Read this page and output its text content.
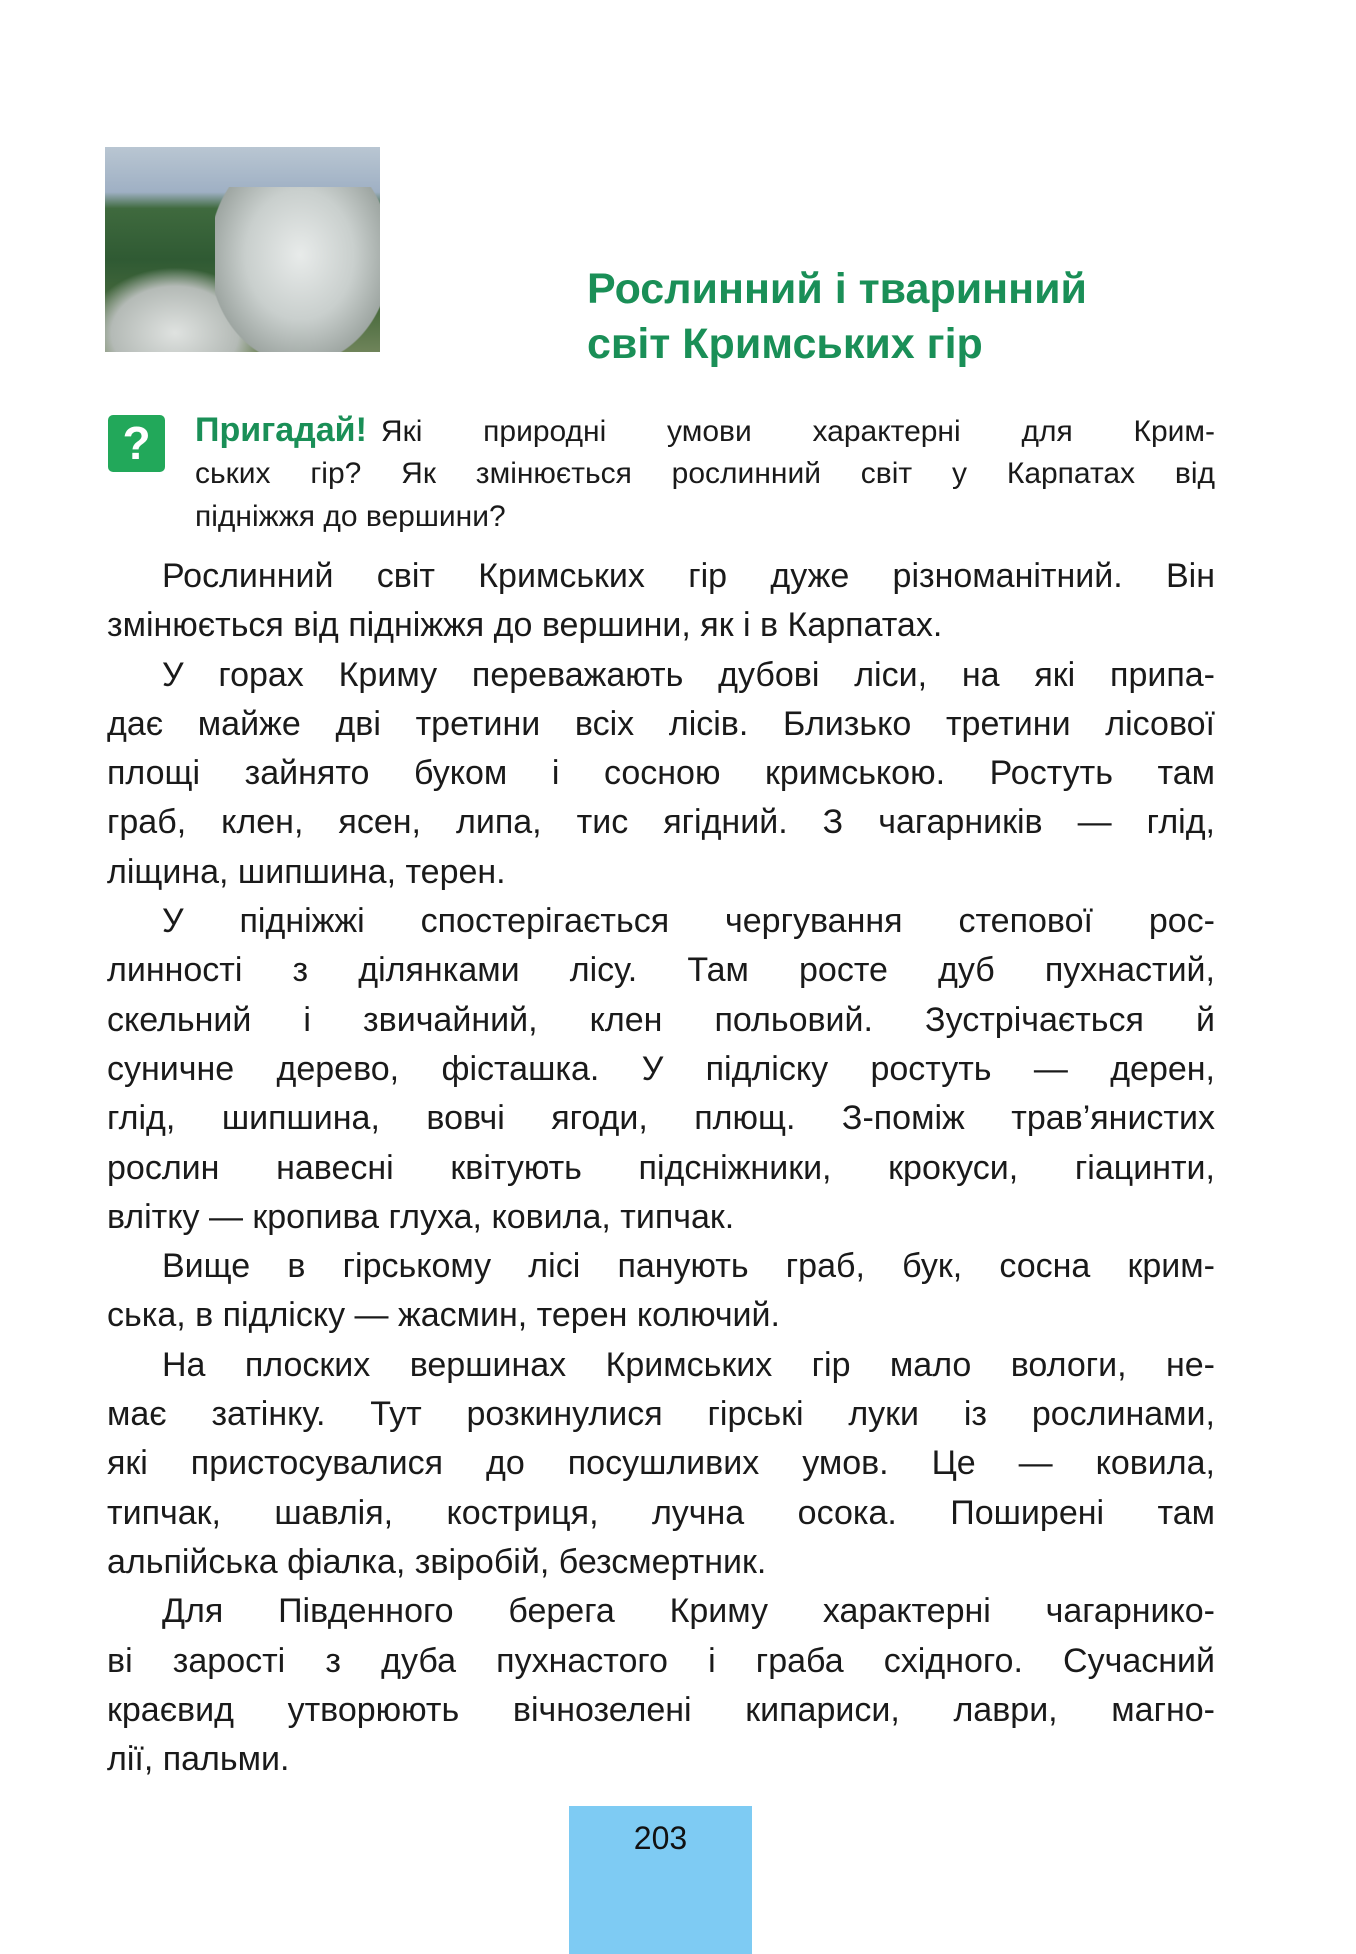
Рослинний і тваринний
світ Кримських гір
?	Пригадай! Які природні умови характерні для Крим-
ських гір? Як змінюється рослинний світ у Карпатах від
підніжжя до вершини?
Рослинний світ Кримських гір дуже різноманітний. Він
змінюється від підніжжя до вершини, як і в Карпатах.
У горах Криму переважають дубові ліси, на які припа-
дає майже дві третини всіх лісів. Близько третини лісової
площі зайнято буком і сосною кримською. Ростуть там
граб, клен, ясен, липа, тис ягідний. З чагарників — глід,
ліщина, шипшина, терен.
У підніжжі спостерігається чергування степової рос-
линності з ділянками лісу. Там росте дуб пухнастий,
скельний і звичайний, клен польовий. Зустрічається й
суничне дерево, фісташка. У підліску ростуть — дерен,
глід, шипшина, вовчі ягоди, плющ. З-поміж трав’янистих
рослин навесні квітують підсніжники, крокуси, гіацинти,
влітку — кропива глуха, ковила, типчак.
Вище в гірському лісі панують граб, бук, сосна крим-
ська, в підліску — жасмин, терен колючий.
На плоских вершинах Кримських гір мало вологи, не-
має затінку. Тут розкинулися гірські луки із рослинами,
які пристосувалися до посушливих умов. Це — ковила,
типчак, шавлія, костриця, лучна осока. Поширені там
альпійська фіалка, звіробій, безсмертник.
Для Південного берега Криму характерні чагарнико-
ві зарості з дуба пухнастого і граба східного. Сучасний
краєвид утворюють вічнозелені кипариси, лаври, магно-
лії, пальми.
203
